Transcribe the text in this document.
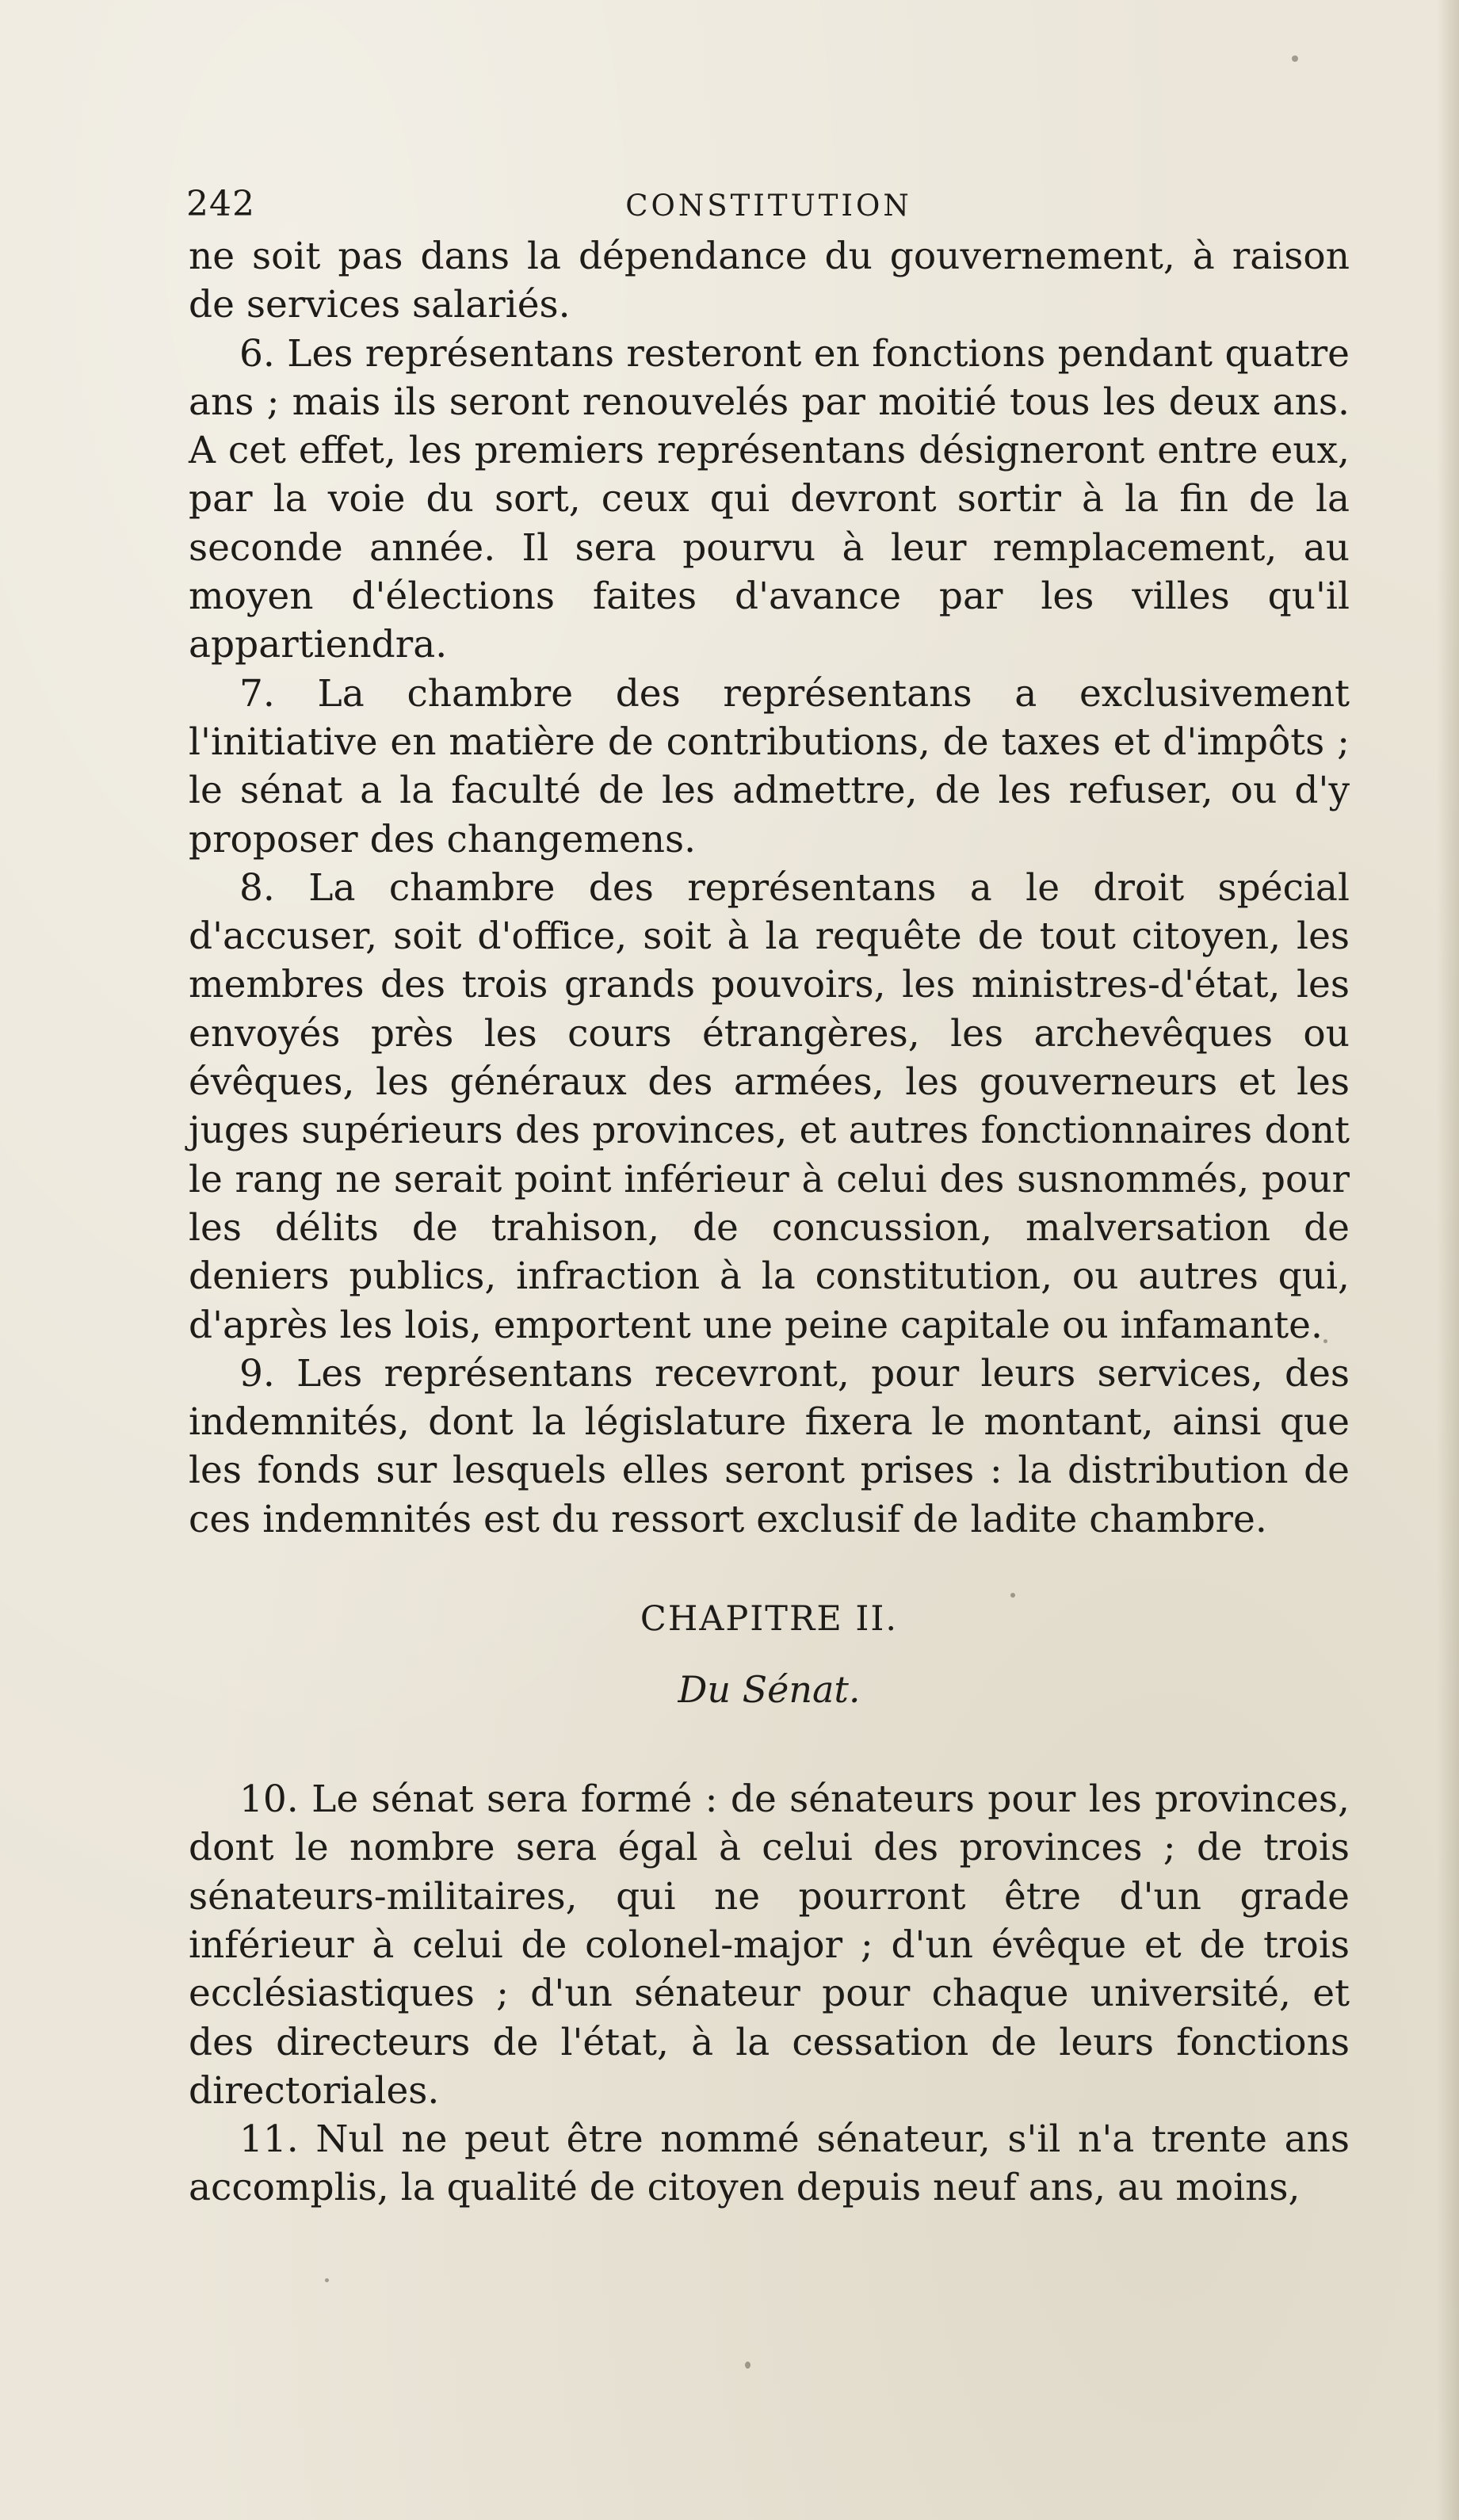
242	CONSTITUTION

ne soit pas dans la dépendance du gouvernement, à raison de services salariés.

6. Les représentans resteront en fonctions pendant quatre ans ; mais ils seront renouvelés par moitié tous les deux ans. A cet effet, les premiers représentans désigneront entre eux, par la voie du sort, ceux qui devront sortir à la fin de la seconde année. Il sera pourvu à leur remplacement, au moyen d'élections faites d'avance par les villes qu'il appartiendra.

7. La chambre des représentans a exclusivement l'initiative en matière de contributions, de taxes et d'impôts ; le sénat a la faculté de les admettre, de les refuser, ou d'y proposer des changemens.

8. La chambre des représentans a le droit spécial d'accuser, soit d'office, soit à la requête de tout citoyen, les membres des trois grands pouvoirs, les ministres-d'état, les envoyés près les cours étrangères, les archevêques ou évêques, les généraux des armées, les gouverneurs et les juges supérieurs des provinces, et autres fonctionnaires dont le rang ne serait point inférieur à celui des susnommés, pour les délits de trahison, de concussion, malversation de deniers publics, infraction à la constitution, ou autres qui, d'après les lois, emportent une peine capitale ou infamante.

9. Les représentans recevront, pour leurs services, des indemnités, dont la législature fixera le montant, ainsi que les fonds sur lesquels elles seront prises : la distribution de ces indemnités est du ressort exclusif de ladite chambre.

CHAPITRE II.
Du Sénat.

10. Le sénat sera formé : de sénateurs pour les provinces, dont le nombre sera égal à celui des provinces ; de trois sénateurs-militaires, qui ne pourront être d'un grade inférieur à celui de colonel-major ; d'un évêque et de trois ecclésiastiques ; d'un sénateur pour chaque université, et des directeurs de l'état, à la cessation de leurs fonctions directoriales.

11. Nul ne peut être nommé sénateur, s'il n'a trente ans accomplis, la qualité de citoyen depuis neuf ans, au moins,
